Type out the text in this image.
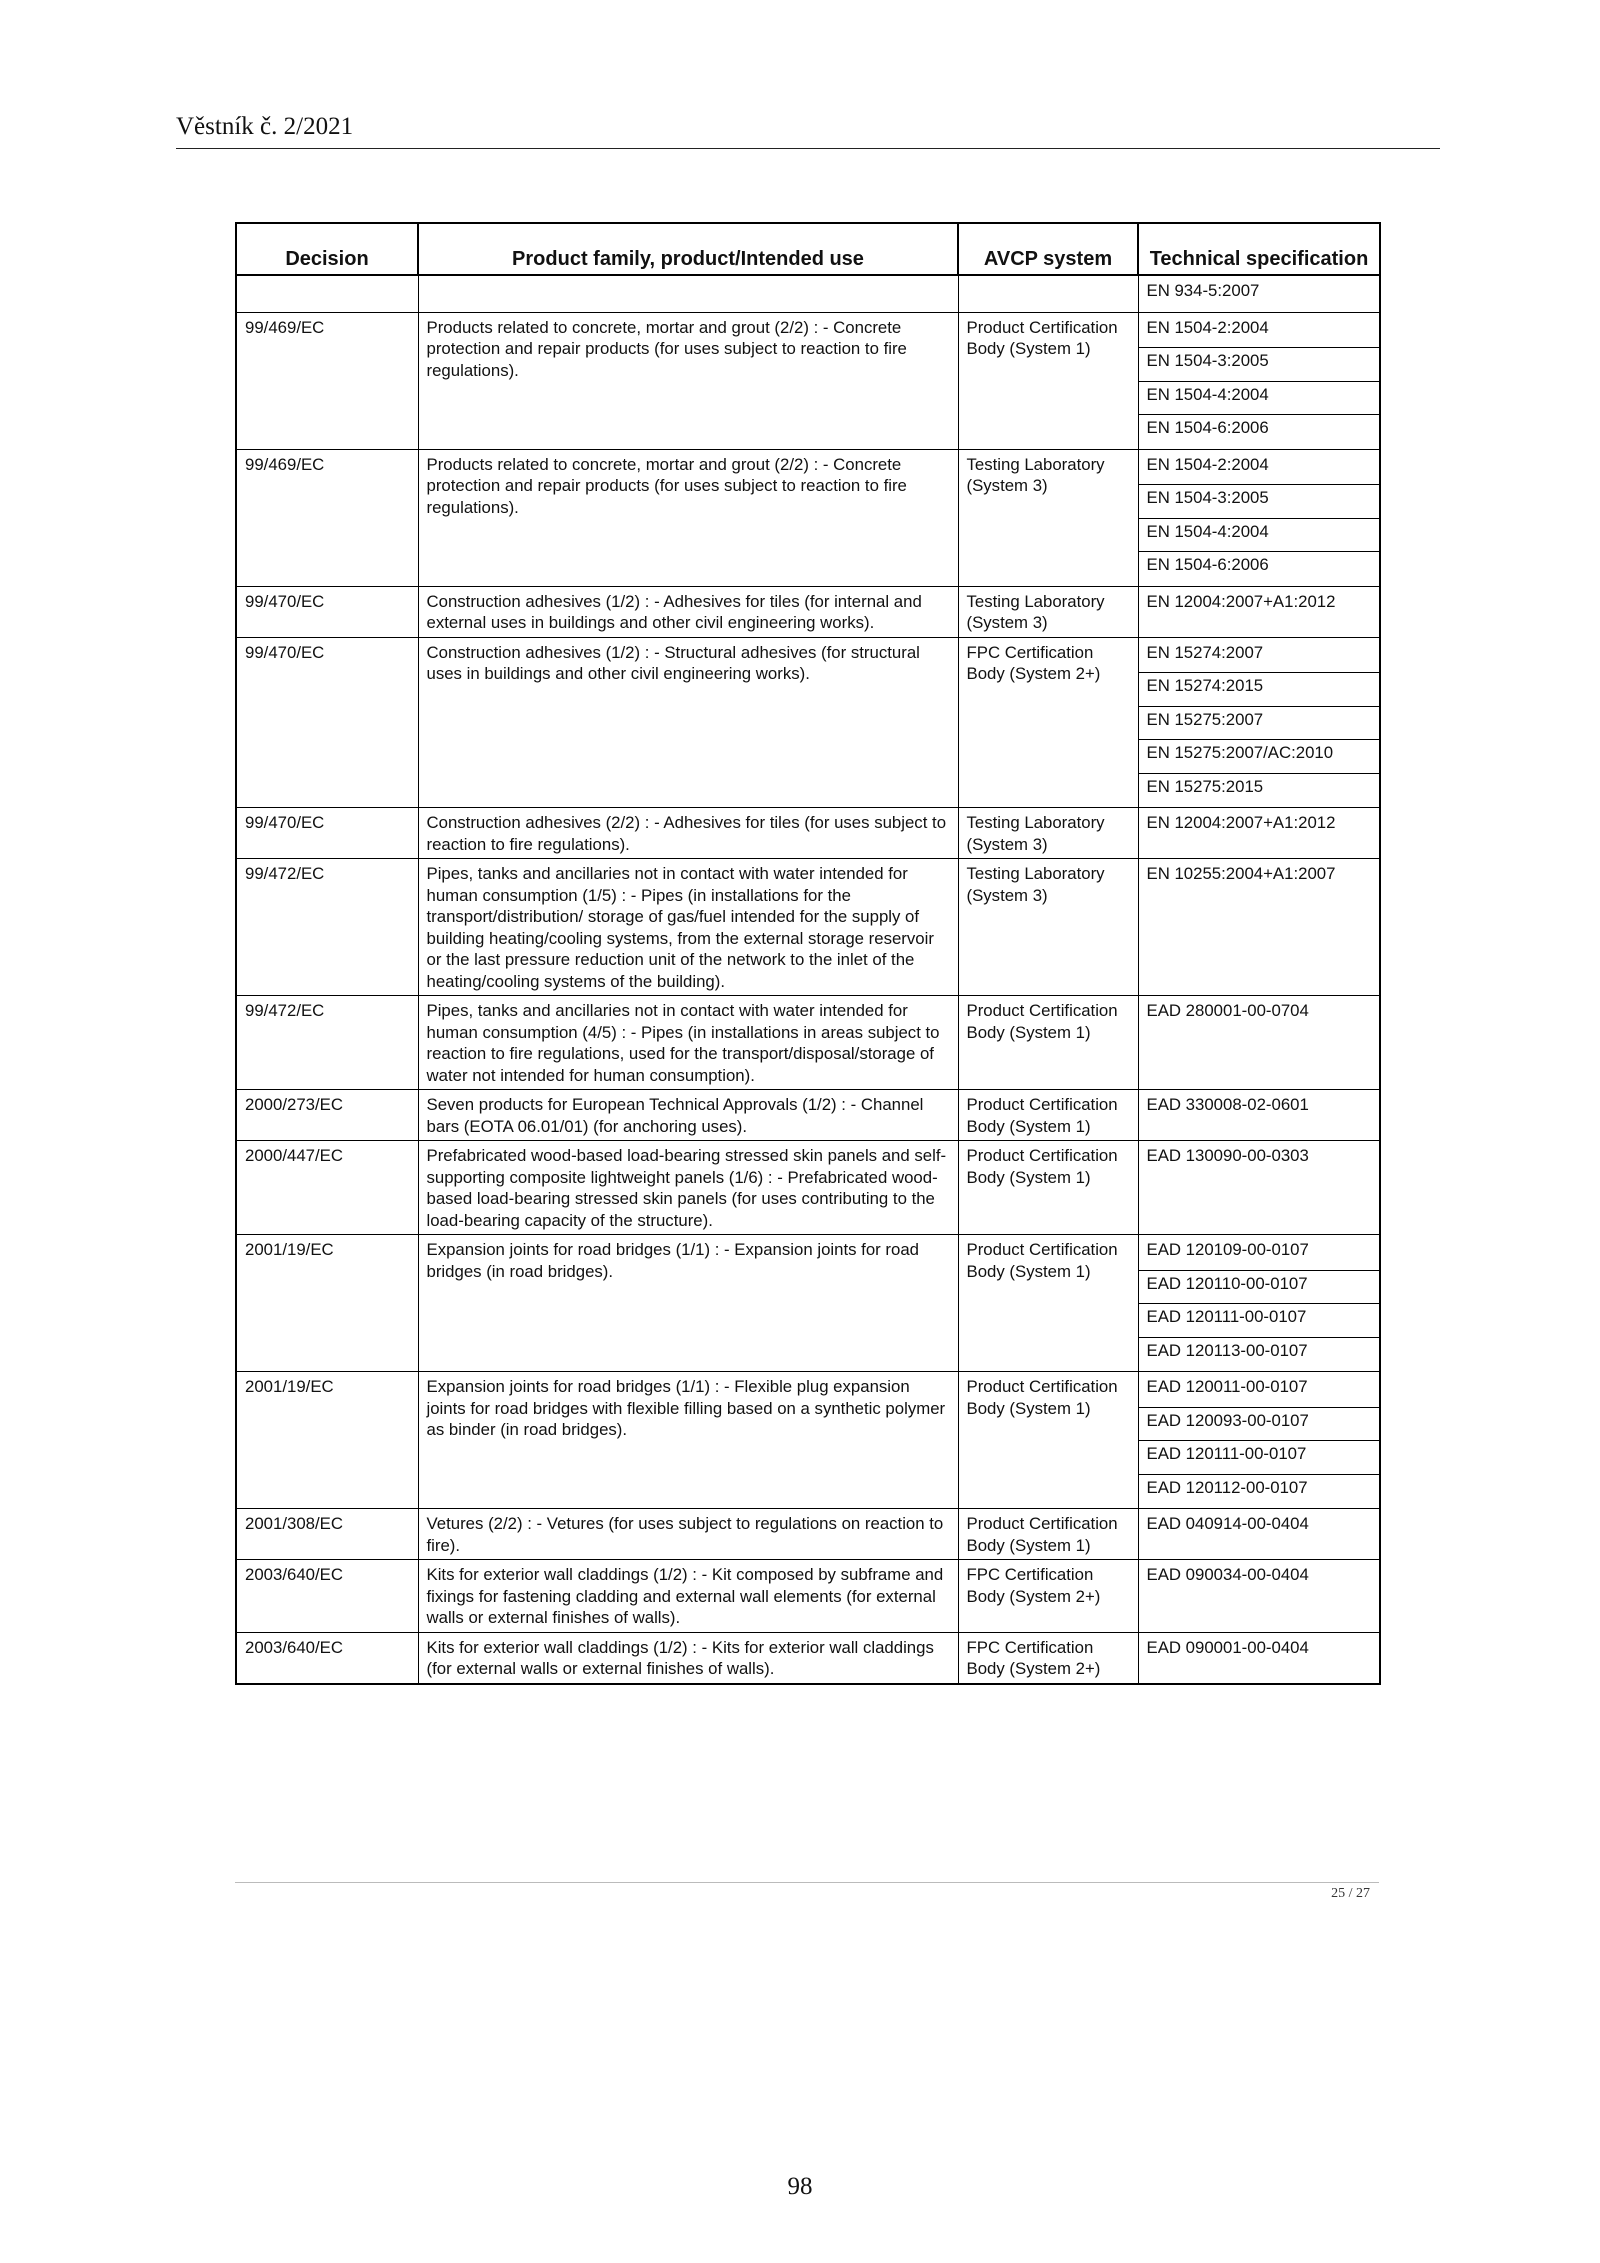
Věstník č. 2/2021
Decision	Product family, product/Intended use	AVCP system	Technical specification

			EN 934-5:2007

99/469/EC	Products related to concrete, mortar and grout (2/2) : - Concrete protection and repair products (for uses subject to reaction to fire regulations).	Product Certification Body (System 1)	EN 1504-2:2004
EN 1504-3:2005
EN 1504-4:2004
EN 1504-6:2006

99/469/EC	Products related to concrete, mortar and grout (2/2) : - Concrete protection and repair products (for uses subject to reaction to fire regulations).	Testing Laboratory (System 3)	EN 1504-2:2004
EN 1504-3:2005
EN 1504-4:2004
EN 1504-6:2006

99/470/EC	Construction adhesives (1/2) : - Adhesives for tiles (for internal and external uses in buildings and other civil engineering works).	Testing Laboratory (System 3)	EN 12004:2007+A1:2012

99/470/EC	Construction adhesives (1/2) : - Structural adhesives (for structural uses in buildings and other civil engineering works).	FPC Certification Body (System 2+)	EN 15274:2007
EN 15274:2015
EN 15275:2007
EN 15275:2007/AC:2010
EN 15275:2015

99/470/EC	Construction adhesives (2/2) : - Adhesives for tiles (for uses subject to reaction to fire regulations).	Testing Laboratory (System 3)	EN 12004:2007+A1:2012

99/472/EC	Pipes, tanks and ancillaries not in contact with water intended for human consumption (1/5) : - Pipes (in installations for the transport/distribution/ storage of gas/fuel intended for the supply of building heating/cooling systems, from the external storage reservoir or the last pressure reduction unit of the network to the inlet of the heating/cooling systems of the building).	Testing Laboratory (System 3)	EN 10255:2004+A1:2007

99/472/EC	Pipes, tanks and ancillaries not in contact with water intended for human consumption (4/5) : - Pipes (in installations in areas subject to reaction to fire regulations, used for the transport/disposal/storage of water not intended for human consumption).	Product Certification Body (System 1)	EAD 280001-00-0704

2000/273/EC	Seven products for European Technical Approvals (1/2) : - Channel bars (EOTA 06.01/01) (for anchoring uses).	Product Certification Body (System 1)	EAD 330008-02-0601

2000/447/EC	Prefabricated wood-based load-bearing stressed skin panels and self-supporting composite lightweight panels (1/6) : - Prefabricated wood-based load-bearing stressed skin panels (for uses contributing to the load-bearing capacity of the structure).	Product Certification Body (System 1)	EAD 130090-00-0303

2001/19/EC	Expansion joints for road bridges (1/1) : - Expansion joints for road bridges (in road bridges).	Product Certification Body (System 1)	EAD 120109-00-0107
EAD 120110-00-0107
EAD 120111-00-0107
EAD 120113-00-0107

2001/19/EC	Expansion joints for road bridges (1/1) : - Flexible plug expansion joints for road bridges with flexible filling based on a synthetic polymer as binder (in road bridges).	Product Certification Body (System 1)	EAD 120011-00-0107
EAD 120093-00-0107
EAD 120111-00-0107
EAD 120112-00-0107

2001/308/EC	Vetures (2/2) : - Vetures (for uses subject to regulations on reaction to fire).	Product Certification Body (System 1)	EAD 040914-00-0404

2003/640/EC	Kits for exterior wall claddings (1/2) : - Kit composed by subframe and fixings for fastening cladding and external wall elements (for external walls or external finishes of walls).	FPC Certification Body (System 2+)	EAD 090034-00-0404

2003/640/EC	Kits for exterior wall claddings (1/2) : - Kits for exterior wall claddings (for external walls or external finishes of walls).	FPC Certification Body (System 2+)	EAD 090001-00-0404
25 / 27
98
